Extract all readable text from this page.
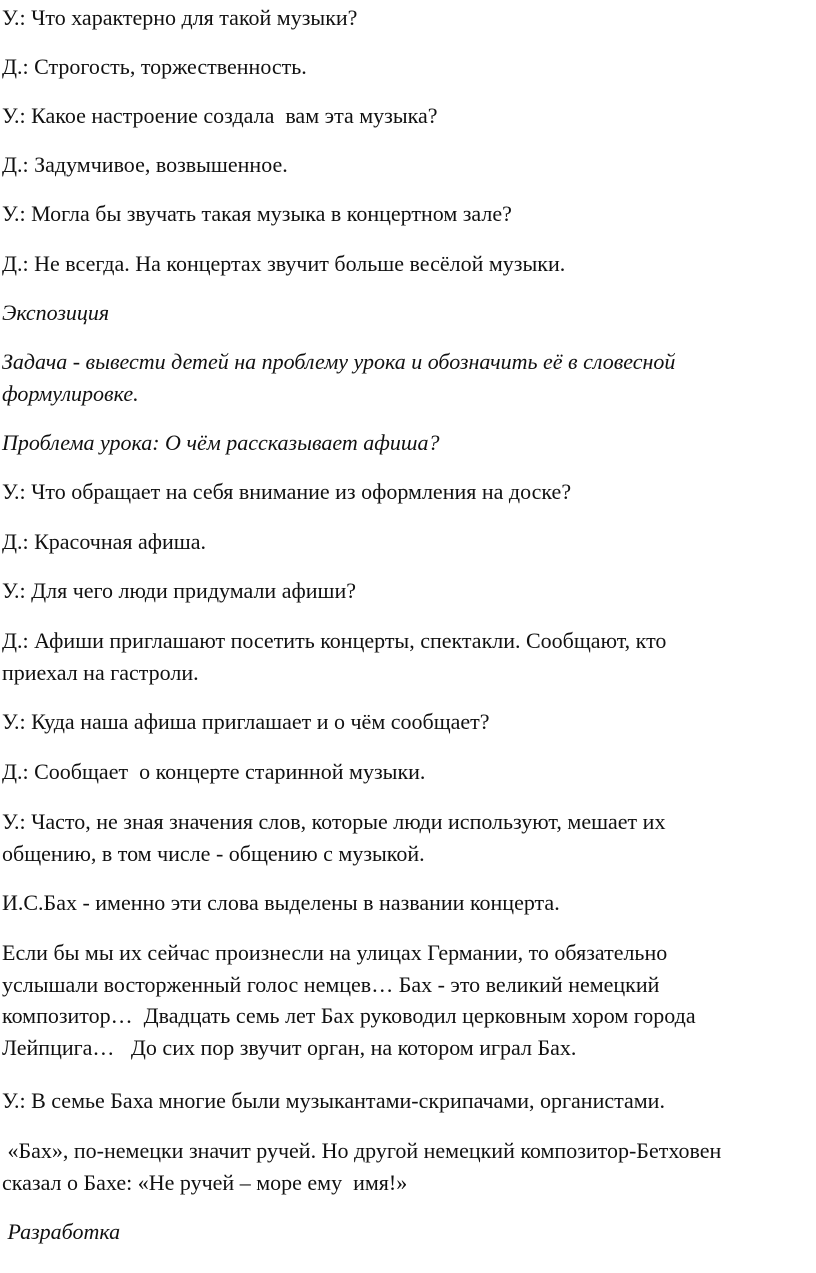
У.: Что характерно для такой музыки?

Д.: Строгость, торжественность.

У.: Какое настроение создала  вам эта музыка?

Д.: Задумчивое, возвышенное.

У.: Могла бы звучать такая музыка в концертном зале?

Д.: Не всегда. На концертах звучит больше весёлой музыки.

Экспозиция

Задача - вывести детей на проблему урока и обозначить её в словесной
формулировке.

Проблема урока: О чём рассказывает афиша?

У.: Что обращает на себя внимание из оформления на доске?

Д.: Красочная афиша.

У.: Для чего люди придумали афиши?

Д.: Афиши приглашают посетить концерты, спектакли. Сообщают, кто
приехал на гастроли.

У.: Куда наша афиша приглашает и о чём сообщает?

Д.: Сообщает  о концерте старинной музыки.

У.: Часто, не зная значения слов, которые люди используют, мешает их
общению, в том числе - общению с музыкой.

И.С.Бах - именно эти слова выделены в названии концерта.

Если бы мы их сейчас произнесли на улицах Германии, то обязательно
услышали восторженный голос немцев… Бах - это великий немецкий
композитор…  Двадцать семь лет Бах руководил церковным хором города
Лейпцига…   До сих пор звучит орган, на котором играл Бах.

У.: В семье Баха многие были музыкантами-скрипачами, органистами.

«Бах», по-немецки значит ручей. Но другой немецкий композитор-Бетховен
сказал о Бахе: «Не ручей – море ему  имя!»

Разработка
